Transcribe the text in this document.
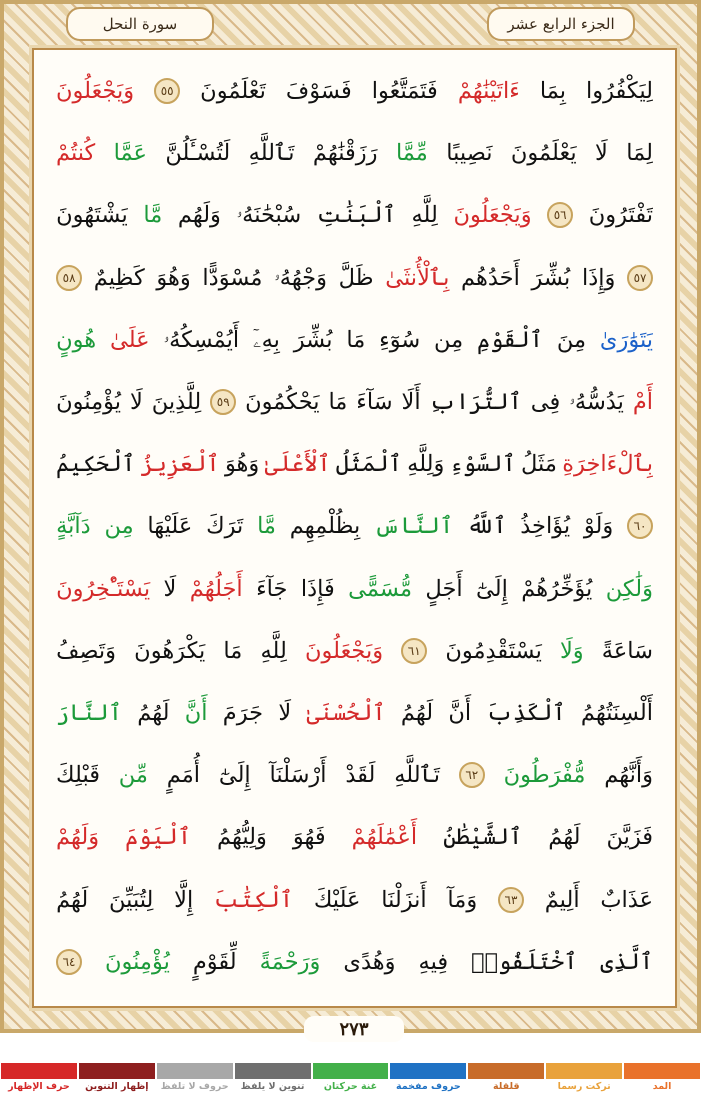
سورة النحل	الجزء الرابع عشر
لِيَكْفُرُوا
بِمَا
ءَاتَيْنَٰهُمْ
فَتَمَتَّعُوا
فَسَوْفَ
تَعْلَمُونَ
٥٥
وَيَجْعَلُونَ
لِمَا
لَا
يَعْلَمُونَ
نَصِيبًا
مِّمَّا
رَزَقْنَٰهُمْ
تَٱللَّهِ
لَتُسْـَٔلُنَّ
عَمَّا
كُنتُمْ
تَفْتَرُونَ
٥٦
وَيَجْعَلُونَ
لِلَّهِ
ٱلْبَنَٰتِ
سُبْحَٰنَهُۥ
وَلَهُم
مَّا
يَشْتَهُونَ
٥٧
وَإِذَا
بُشِّرَ
أَحَدُهُم
بِٱلْأُنثَىٰ
ظَلَّ
وَجْهُهُۥ
مُسْوَدًّا
وَهُوَ
كَظِيمٌ
٥٨
يَتَوَٰرَىٰ
مِنَ
ٱلْقَوْمِ
مِن
سُوٓءِ
مَا
بُشِّرَ
بِهِۦٓ
أَيُمْسِكُهُۥ
عَلَىٰ
هُونٍ
أَمْ
يَدُسُّهُۥ
فِى
ٱلتُّرَابِ
أَلَا
سَآءَ
مَا
يَحْكُمُونَ
٥٩
لِلَّذِينَ
لَا
يُؤْمِنُونَ
بِٱلْءَاخِرَةِ
مَثَلُ
ٱلسَّوْءِ
وَلِلَّهِ
ٱلْمَثَلُ
ٱلْأَعْلَىٰ
وَهُوَ
ٱلْعَزِيزُ
ٱلْحَكِيمُ
٦٠
وَلَوْ
يُؤَاخِذُ
ٱللَّهُ
ٱلنَّاسَ
بِظُلْمِهِم
مَّا
تَرَكَ
عَلَيْهَا
مِن
دَآبَّةٍ
وَلَٰكِن
يُؤَخِّرُهُمْ
إِلَىٰٓ
أَجَلٍ
مُّسَمًّى
فَإِذَا
جَآءَ
أَجَلُهُمْ
لَا
يَسْتَـْٔخِرُونَ
سَاعَةً
وَلَا
يَسْتَقْدِمُونَ
٦١
وَيَجْعَلُونَ
لِلَّهِ
مَا
يَكْرَهُونَ
وَتَصِفُ
أَلْسِنَتُهُمُ
ٱلْكَذِبَ
أَنَّ
لَهُمُ
ٱلْحُسْنَىٰ
لَا
جَرَمَ
أَنَّ
لَهُمُ
ٱلنَّارَ
وَأَنَّهُم
مُّفْرَطُونَ
٦٢
تَٱللَّهِ
لَقَدْ
أَرْسَلْنَآ
إِلَىٰٓ
أُمَمٍ
مِّن
قَبْلِكَ
فَزَيَّنَ
لَهُمُ
ٱلشَّيْطَٰنُ
أَعْمَٰلَهُمْ
فَهُوَ
وَلِيُّهُمُ
ٱلْيَوْمَ
وَلَهُمْ
عَذَابٌ
أَلِيمٌ
٦٣
وَمَآ
أَنزَلْنَا
عَلَيْكَ
ٱلْكِتَٰبَ
إِلَّا
لِتُبَيِّنَ
لَهُمُ
ٱلَّذِى
ٱخْتَلَفُوا۟
فِيهِ
وَهُدًى
وَرَحْمَةً
لِّقَوْمٍ
يُؤْمِنُونَ
٦٤
٢٧٣
المد
تركت رسما
قلقلة
حروف مفخمة
غنة حركتان
تنوين لا يلفظ
حروف لا تلفظ
إظهار التنوين
حرف الإظهار
